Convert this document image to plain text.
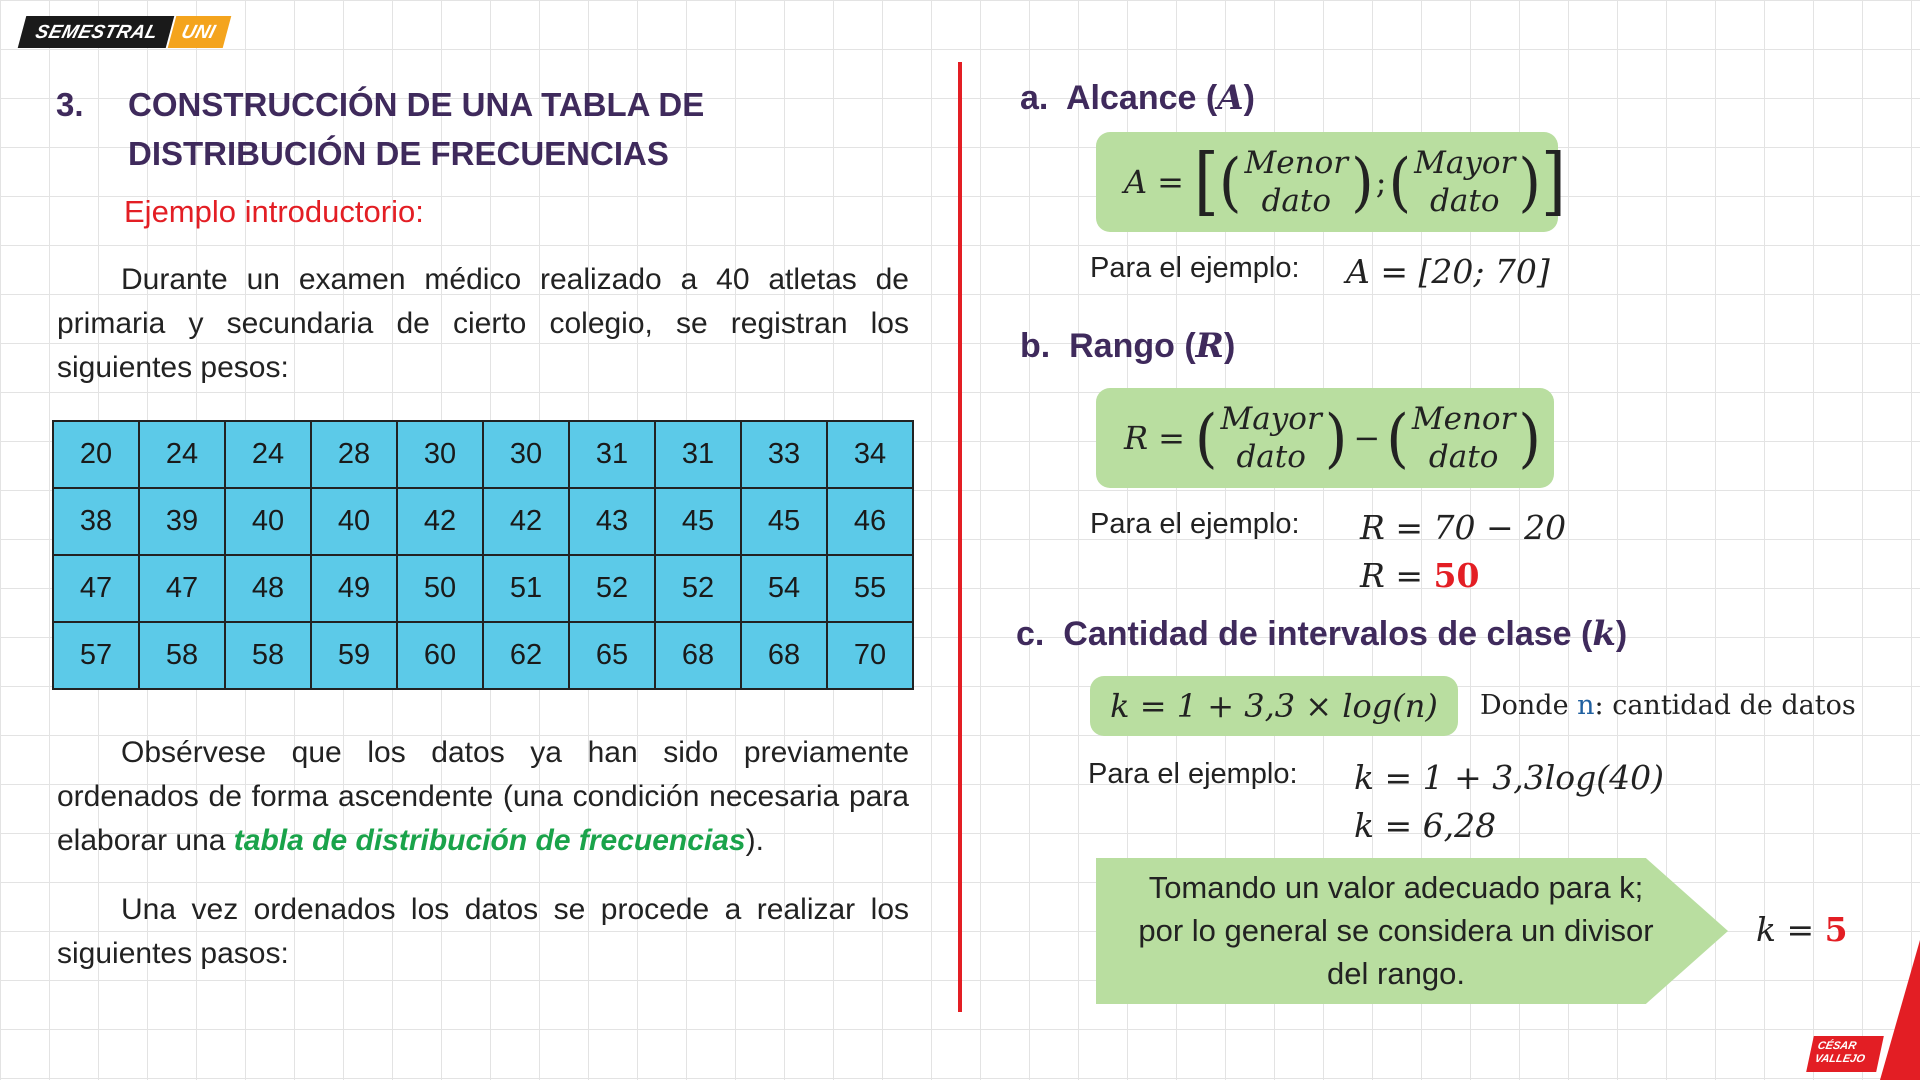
SEMESTRAL UNI
3. CONSTRUCCIÓN DE UNA TABLA DE
DISTRIBUCIÓN DE FRECUENCIAS
Ejemplo introductorio:
Durante un examen médico realizado a 40 atletas de primaria y secundaria de cierto colegio, se registran los siguientes pesos:
20	24	24	28	30	30	31	31	33	34
38	39	40	40	42	42	43	45	45	46
47	47	48	49	50	51	52	52	54	55
57	58	58	59	60	62	65	68	68	70
Obsérvese que los datos ya han sido previamente ordenados de forma ascendente (una condición necesaria para elaborar una tabla de distribución de frecuencias).
Una vez ordenados los datos se procede a realizar los siguientes pasos:
a. Alcance (A)
A = [ ( Menor
dato ) ; ( Mayor
dato ) ]
Para el ejemplo: A = [20; 70]
b. Rango (R)
R = ( Mayor
dato ) − ( Menor
dato )
Para el ejemplo: R = 70 − 20
R = 50
c. Cantidad de intervalos de clase (k)
k = 1 + 3,3 × log(n) Donde n: cantidad de datos
Para el ejemplo: k = 1 + 3,3log(40)
k = 6,28
Tomando un valor adecuado para k;
por lo general se considera un divisor
del rango.
k = 5
CÉSAR
VALLEJO
